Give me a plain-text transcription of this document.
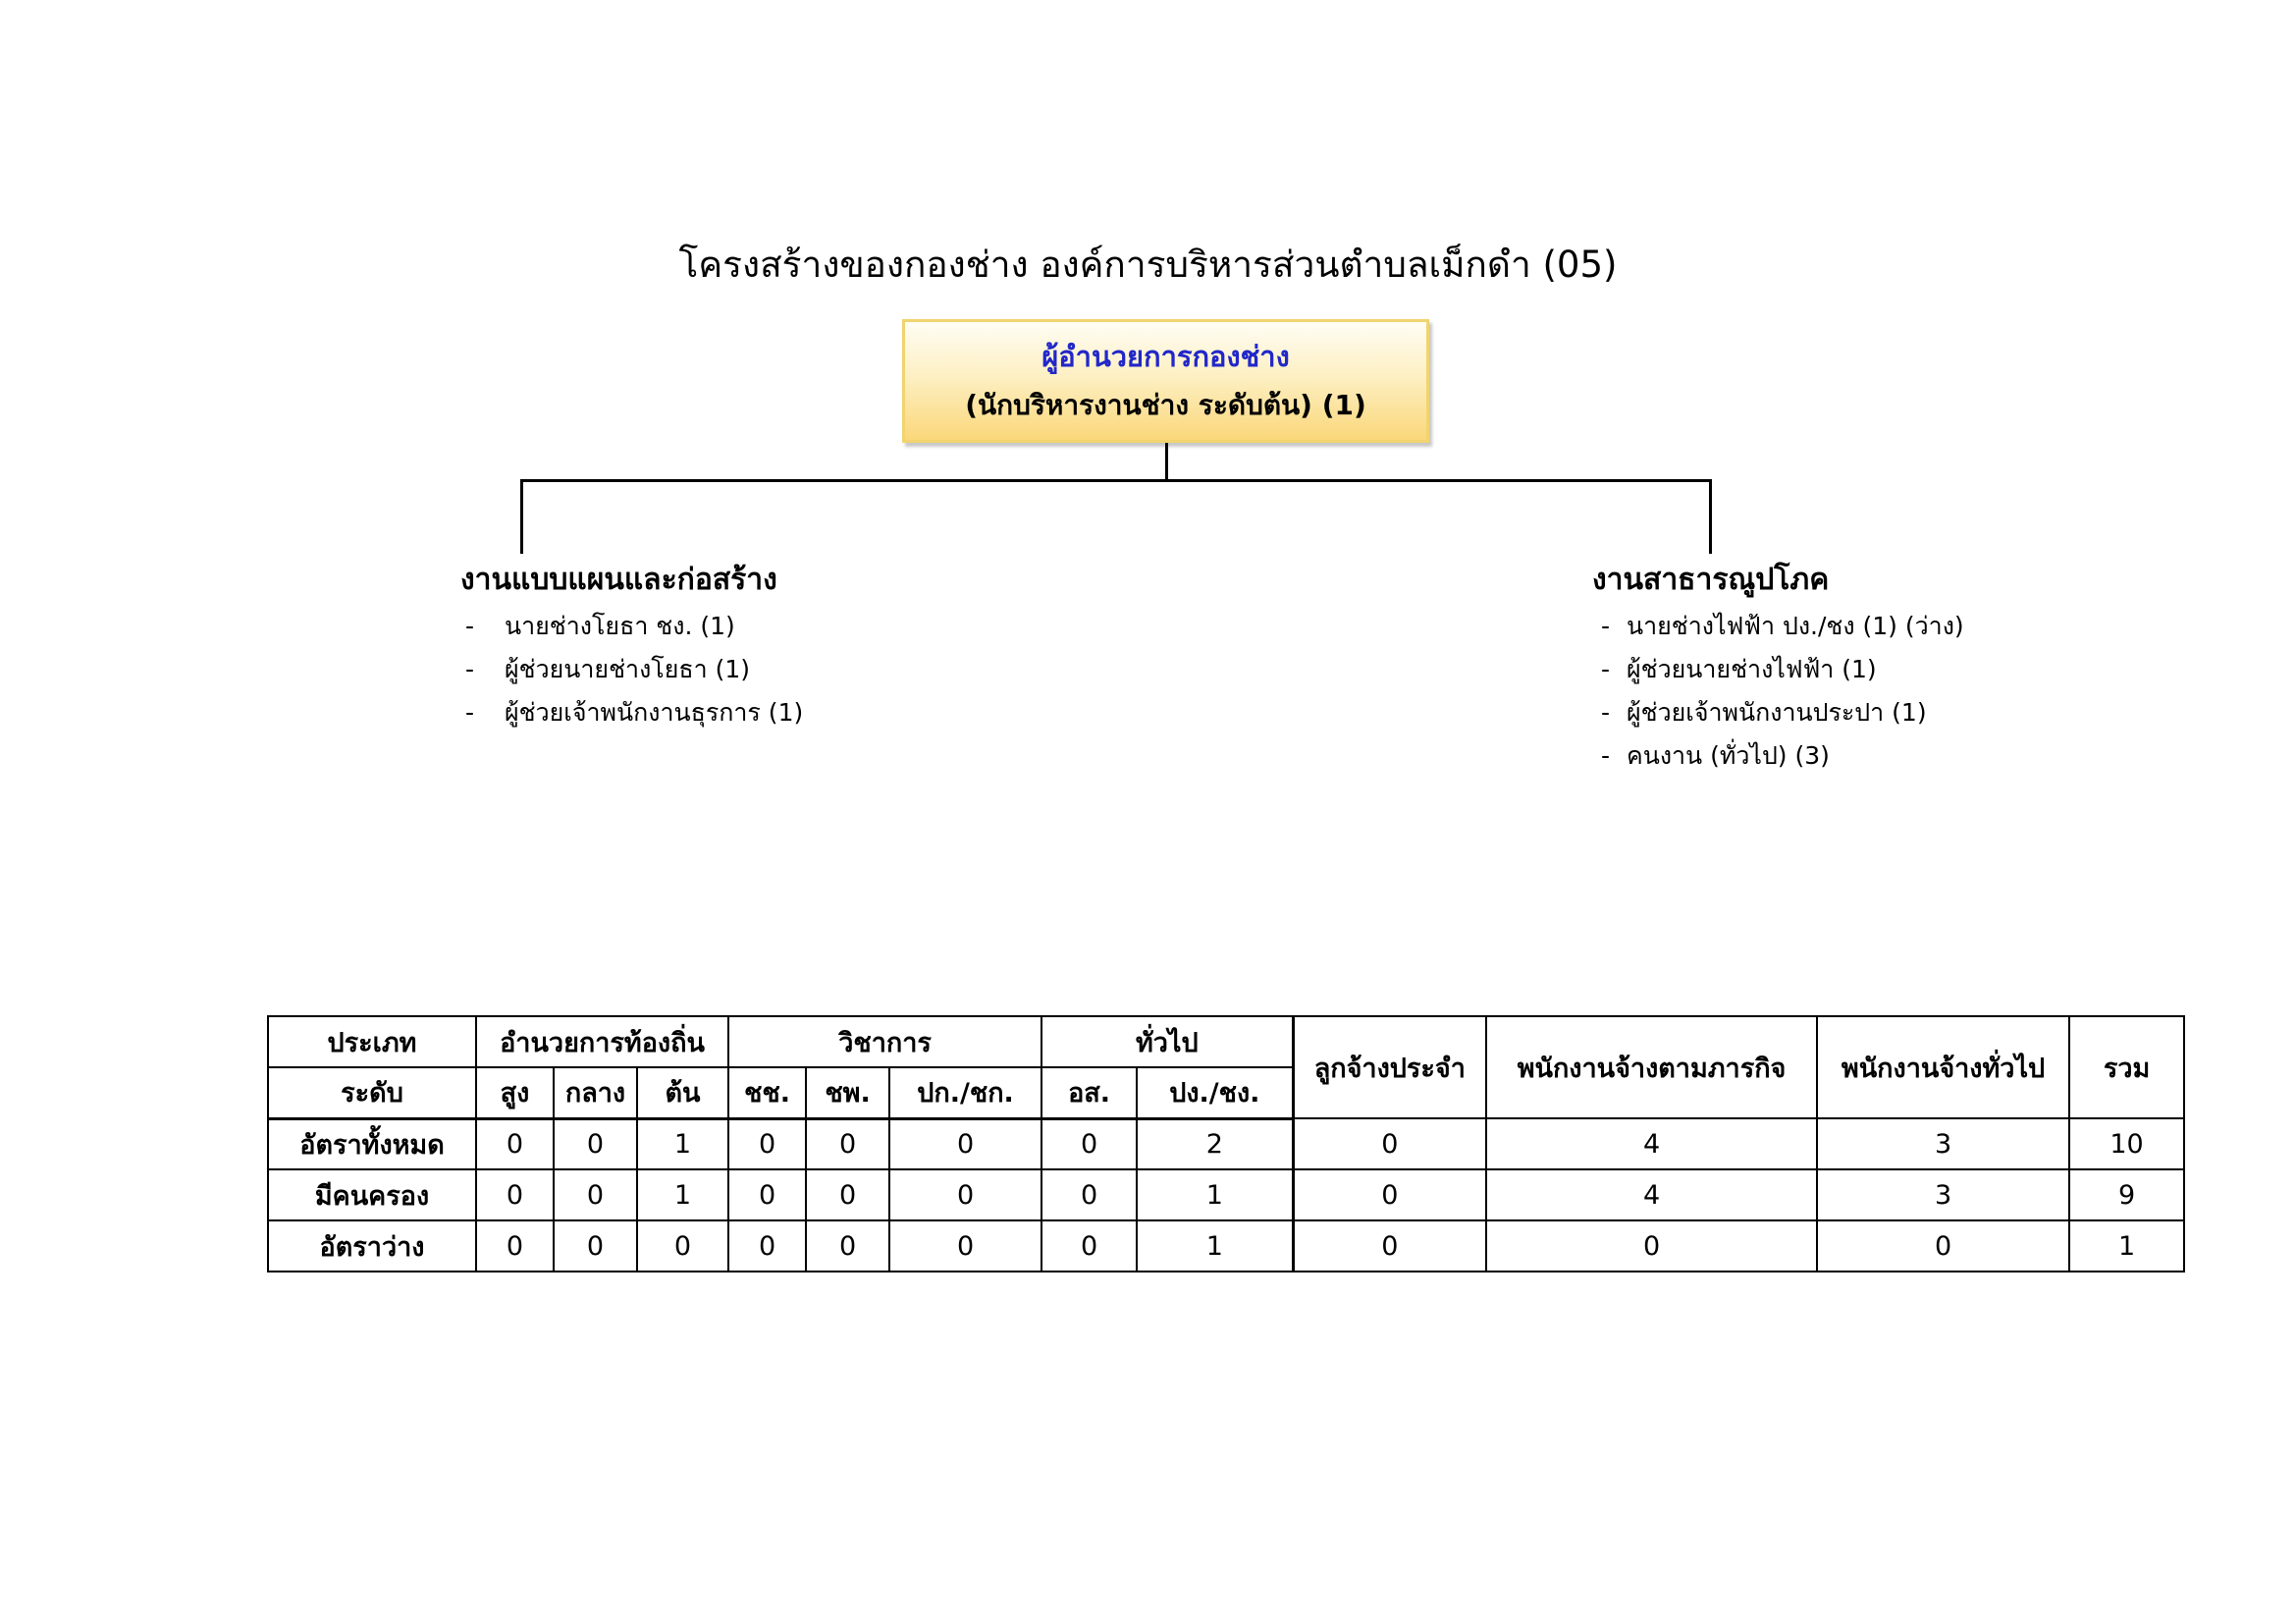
โครงสร้างของกองช่าง องค์การบริหารส่วนตำบลเม็กดำ (05)
ผู้อำนวยการกองช่าง
(นักบริหารงานช่าง ระดับต้น) (1)
งานแบบแผนและก่อสร้าง
- นายช่างโยธา ชง. (1)
- ผู้ช่วยนายช่างโยธา (1)
- ผู้ช่วยเจ้าพนักงานธุรการ (1)
งานสาธารณูปโภค
- นายช่างไฟฟ้า ปง./ชง (1) (ว่าง)
- ผู้ช่วยนายช่างไฟฟ้า (1)
- ผู้ช่วยเจ้าพนักงานประปา (1)
- คนงาน (ทั่วไป) (3)
ประเภท	อำนวยการท้องถิ่น			วิชาการ			ทั่วไป		ลูกจ้างประจำ	พนักงานจ้างตามภารกิจ	พนักงานจ้างทั่วไป	รวม
ระดับ	สูง	กลาง	ต้น	ชช.	ชพ.	ปก./ชก.	อส.	ปง./ชง.				
อัตราทั้งหมด	0	0	1	0	0	0	0	2	0	4	3	10
มีคนครอง	0	0	1	0	0	0	0	1	0	4	3	9
อัตราว่าง	0	0	0	0	0	0	0	1	0	0	0	1
